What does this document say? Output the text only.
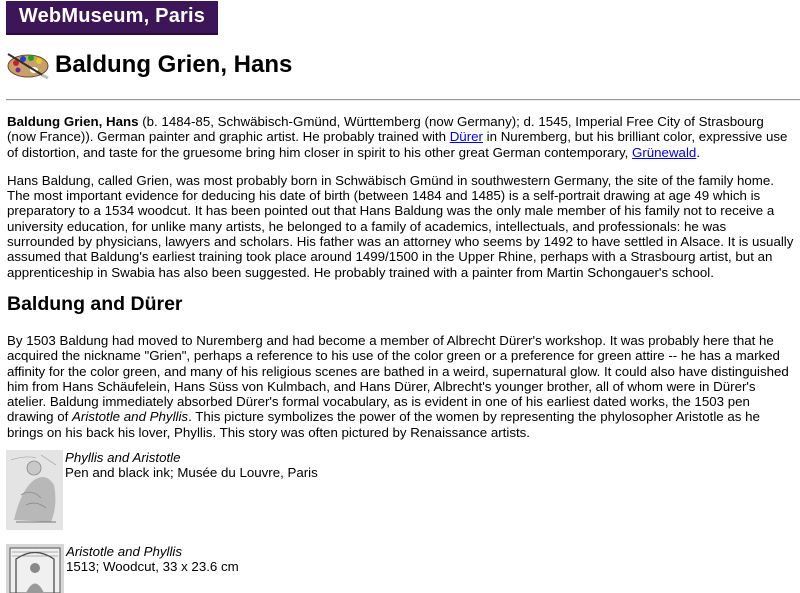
WebMuseum, Paris
Baldung Grien, Hans

Baldung Grien, Hans (b. 1484-85, Schwäbisch-Gmünd, Württemberg (now Germany); d. 1545, Imperial Free City of Strasbourg (now France)). German painter and graphic artist. He probably trained with Dürer in Nuremberg, but his brilliant color, expressive use of distortion, and taste for the gruesome bring him closer in spirit to his other great German contemporary, Grünewald.

Hans Baldung, called Grien, was most probably born in Schwäbisch Gmünd in southwestern Germany, the site of the family home. The most important evidence for deducing his date of birth (between 1484 and 1485) is a self-portrait drawing at age 49 which is preparatory to a 1534 woodcut. It has been pointed out that Hans Baldung was the only male member of his family not to receive a university education, for unlike many artists, he belonged to a family of academics, intellectuals, and professionals: he was surrounded by physicians, lawyers and scholars. His father was an attorney who seems by 1492 to have settled in Alsace. It is usually assumed that Baldung's earliest training took place around 1499/1500 in the Upper Rhine, perhaps with a Strasbourg artist, but an apprenticeship in Swabia has also been suggested. He probably trained with a painter from Martin Schongauer's school.

Baldung and Dürer

By 1503 Baldung had moved to Nuremberg and had become a member of Albrecht Dürer's workshop. It was probably here that he acquired the nickname "Grien", perhaps a reference to his use of the color green or a preference for green attire -- he has a marked affinity for the color green, and many of his religious scenes are bathed in a weird, supernatural glow. It could also have distinguished him from Hans Schäufelein, Hans Süss von Kulmbach, and Hans Dürer, Albrecht's younger brother, all of whom were in Dürer's atelier. Baldung immediately absorbed Dürer's formal vocabulary, as is evident in one of his earliest dated works, the 1503 pen drawing of Aristotle and Phyllis. This picture symbolizes the power of the women by representing the phylosopher Aristotle as he brings on his back his lover, Phyllis. This story was often pictured by Renaissance artists.

Phyllis and Aristotle
Pen and black ink; Musée du Louvre, Paris
Aristotle and Phyllis
1513; Woodcut, 33 x 23.6 cm
